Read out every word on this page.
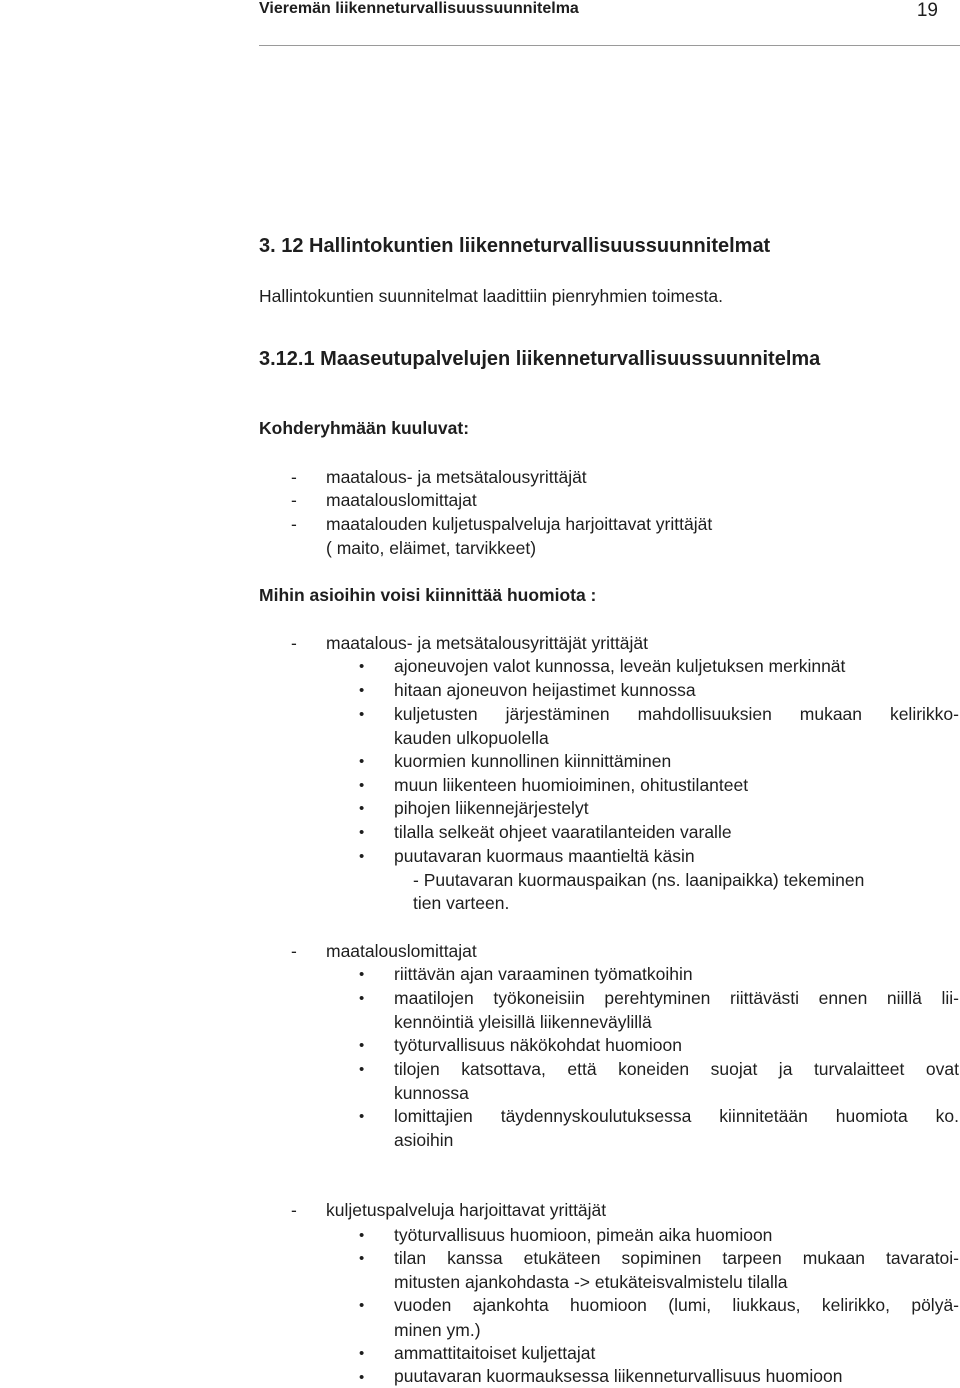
Vieremän liikenneturvallisuussuunnitelma	19
3. 12 Hallintokuntien liikenneturvallisuussuunnitelmat
Hallintokuntien suunnitelmat laadittiin pienryhmien toimesta.
3.12.1 Maaseutupalvelujen liikenneturvallisuussuunnitelma
Kohderyhmään kuuluvat:
- maatalous- ja metsätalousyrittäjät
- maatalouslomittajat
- maatalouden kuljetuspalveluja harjoittavat yrittäjät
( maito, eläimet, tarvikkeet)
Mihin asioihin voisi kiinnittää huomiota :
- maatalous- ja metsätalousyrittäjät yrittäjät
• ajoneuvojen valot kunnossa, leveän kuljetuksen merkinnät
• hitaan ajoneuvon heijastimet kunnossa
• kuljetusten järjestäminen mahdollisuuksien mukaan kelirikko-
kauden ulkopuolella
• kuormien kunnollinen kiinnittäminen
• muun liikenteen huomioiminen, ohitustilanteet
• pihojen liikennejärjestelyt
• tilalla selkeät ohjeet vaaratilanteiden varalle
• puutavaran kuormaus maantieltä käsin
- Puutavaran kuormauspaikan (ns. laanipaikka) tekeminen
tien varteen.
- maatalouslomittajat
• riittävän ajan varaaminen työmatkoihin
• maatilojen työkoneisiin perehtyminen riittävästi ennen niillä lii-
kennöintiä yleisillä liikenneväylillä
• työturvallisuus näkökohdat huomioon
• tilojen katsottava, että koneiden suojat ja turvalaitteet ovat
kunnossa
• lomittajien täydennyskoulutuksessa kiinnitetään huomiota ko.
asioihin
- kuljetuspalveluja harjoittavat yrittäjät
• työturvallisuus huomioon, pimeän aika huomioon
• tilan kanssa etukäteen sopiminen tarpeen mukaan tavaratoi-
mitusten ajankohdasta -> etukäteisvalmistelu tilalla
• vuoden ajankohta huomioon (lumi, liukkaus, kelirikko, pölyä-
minen ym.)
• ammattitaitoiset kuljettajat
• puutavaran kuormauksessa liikenneturvallisuus huomioon
